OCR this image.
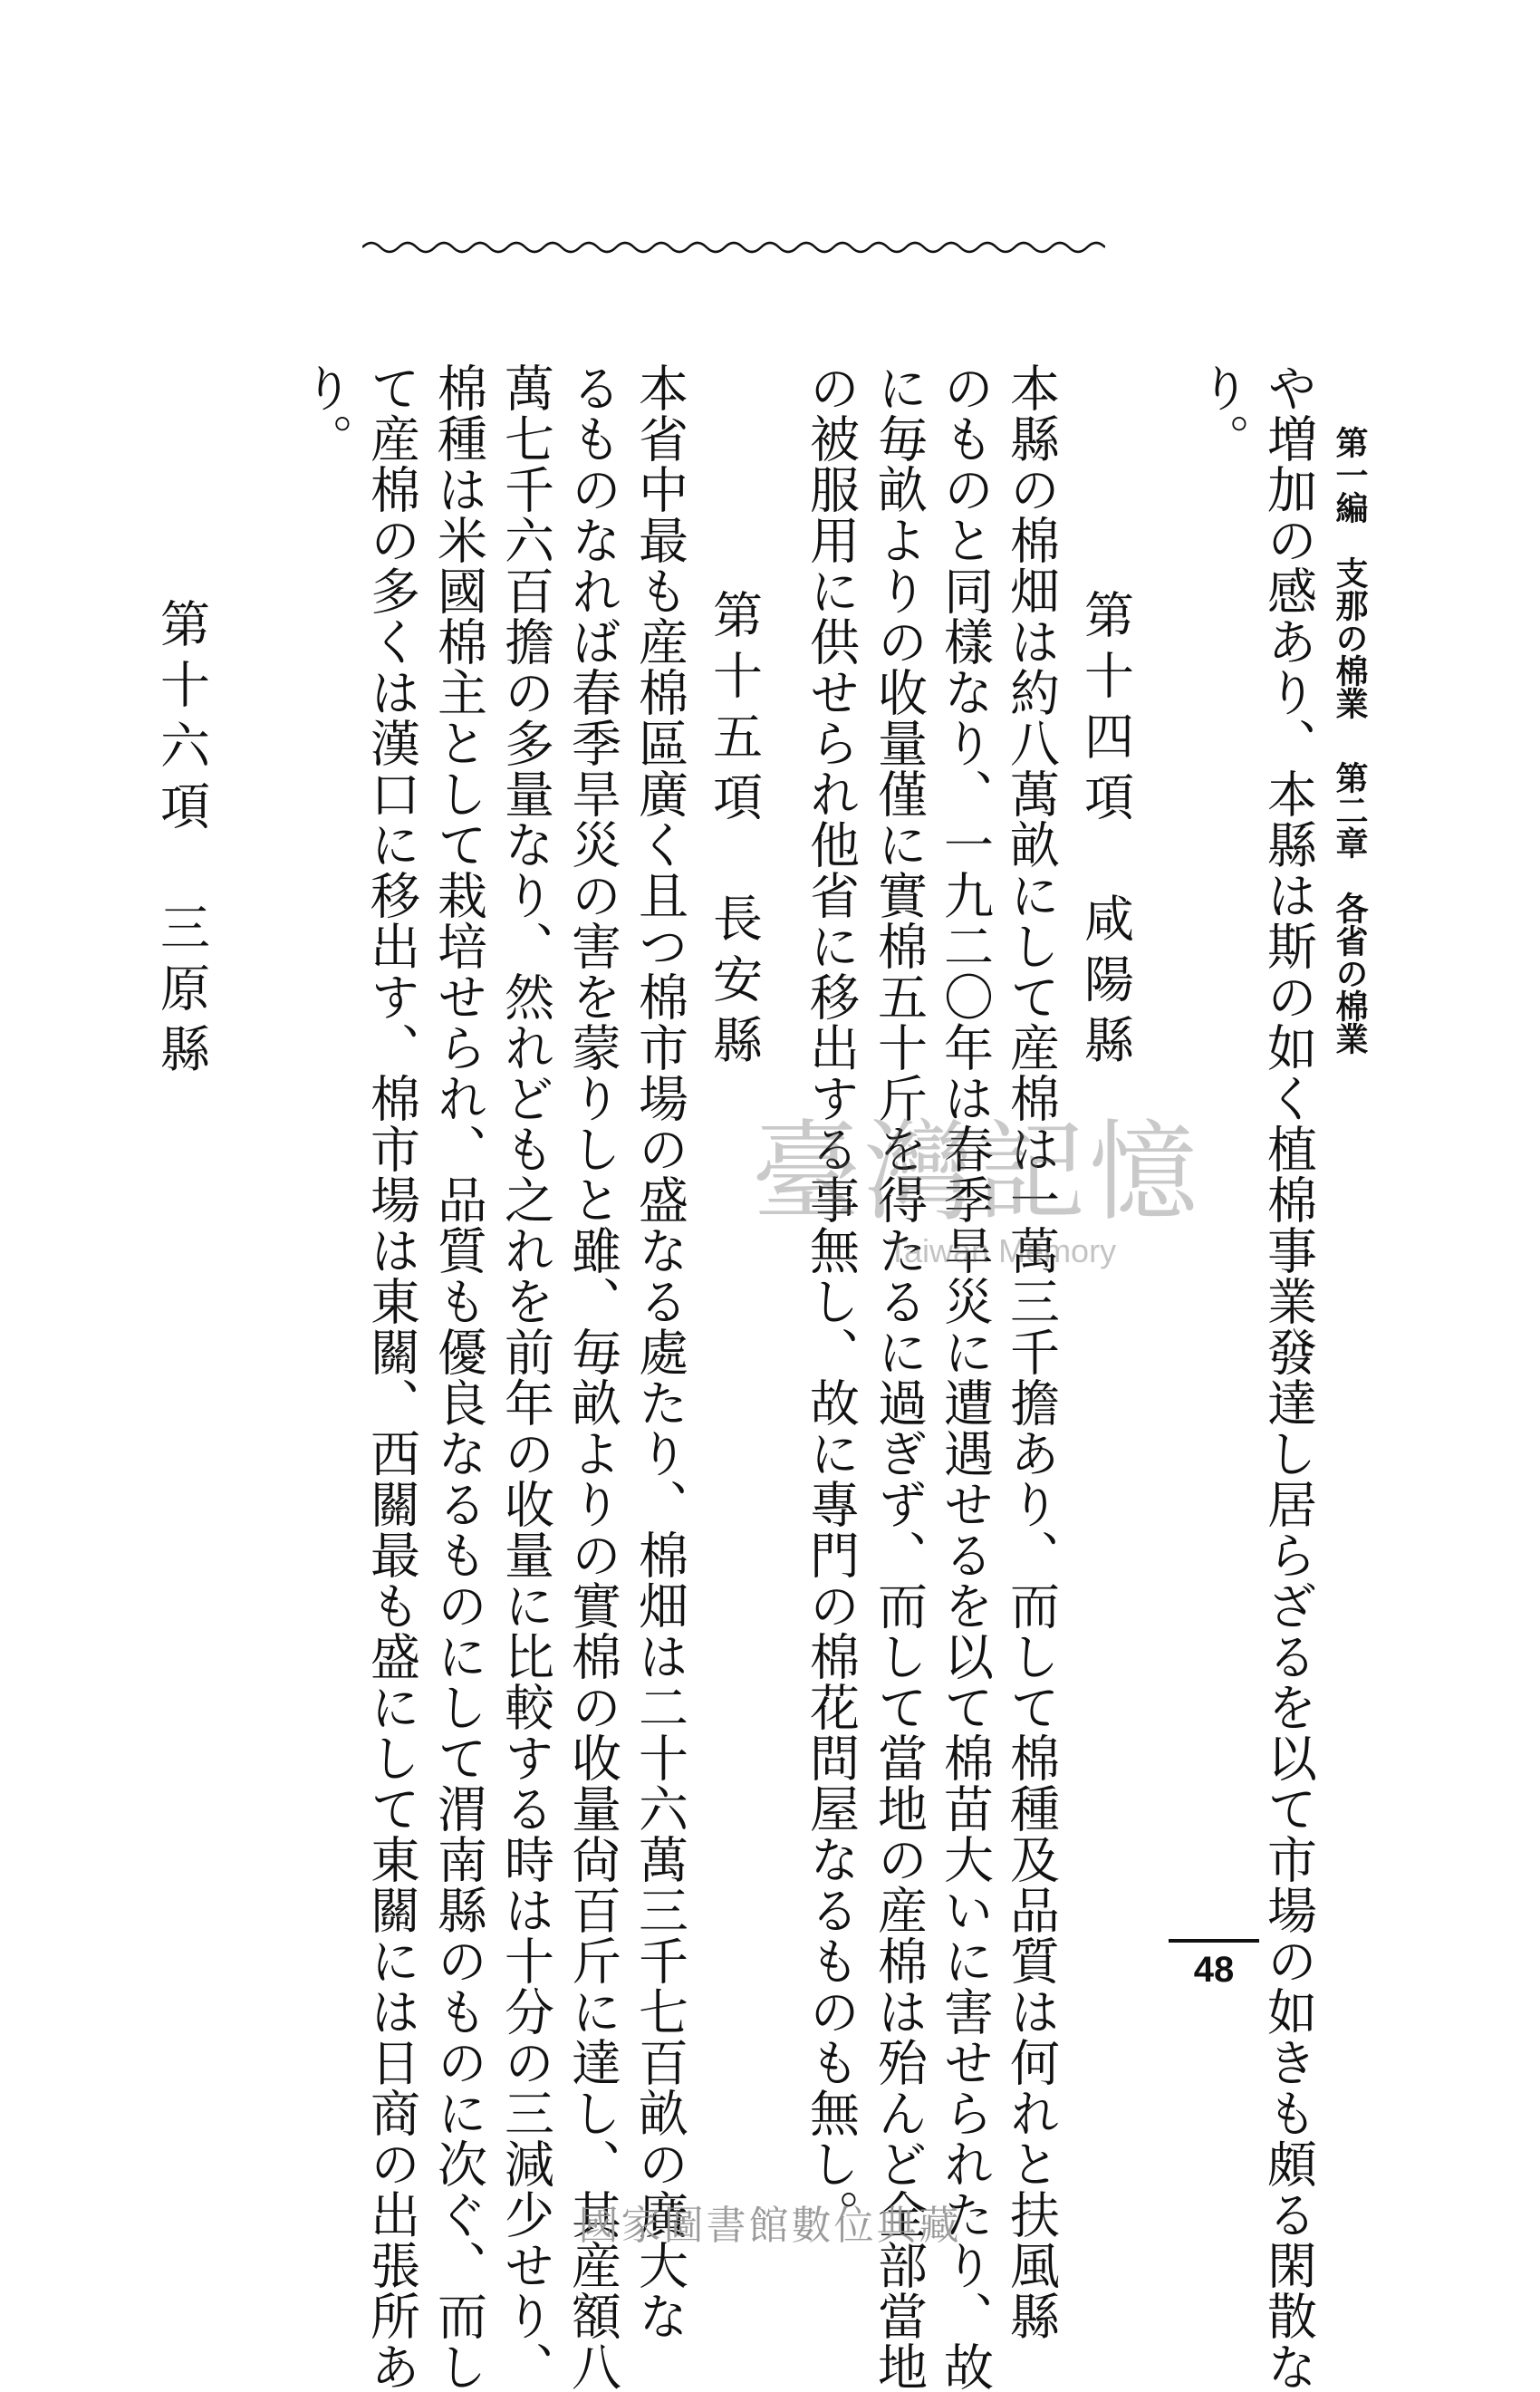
第一編　支那の棉業第二章　各省の棉業
や増加の感あり、本縣は斯の如く植棉事業發達し居らざるを以て市場の如きも頗る閑散な
り。
第十四項　咸陽縣
本縣の棉畑は約八萬畝にして産棉は一萬三千擔あり、而して棉種及品質は何れと扶風縣
のものと同樣なり、一九二〇年は春季旱災に遭遇せるを以て棉苗大いに害せられたり、故
に毎畝よりの收量僅に實棉五十斤を得たるに過ぎず、而して當地の産棉は殆んど全部當地
の被服用に供せられ他省に移出する事無し、故に專門の棉花問屋なるものも無し。
第十五項　長安縣
本省中最も産棉區廣く且つ棉市場の盛なる處たり、棉畑は二十六萬三千七百畝の廣大な
るものなれば春季旱災の害を蒙りしと雖、毎畝よりの實棉の收量尙百斤に達し、其産額八
萬七千六百擔の多量なり、然れども之れを前年の收量に比較する時は十分の三減少せり、
棉種は米國棉主として栽培せられ、品質も優良なるものにして渭南縣のものに次ぐ、而し
て産棉の多くは漢口に移出す、棉市場は東關、西關最も盛にして東關には日商の出張所あ
り。
第十六項　三原縣
48
臺灣記憶
Taiwan Memory
國家圖書館數位典藏
